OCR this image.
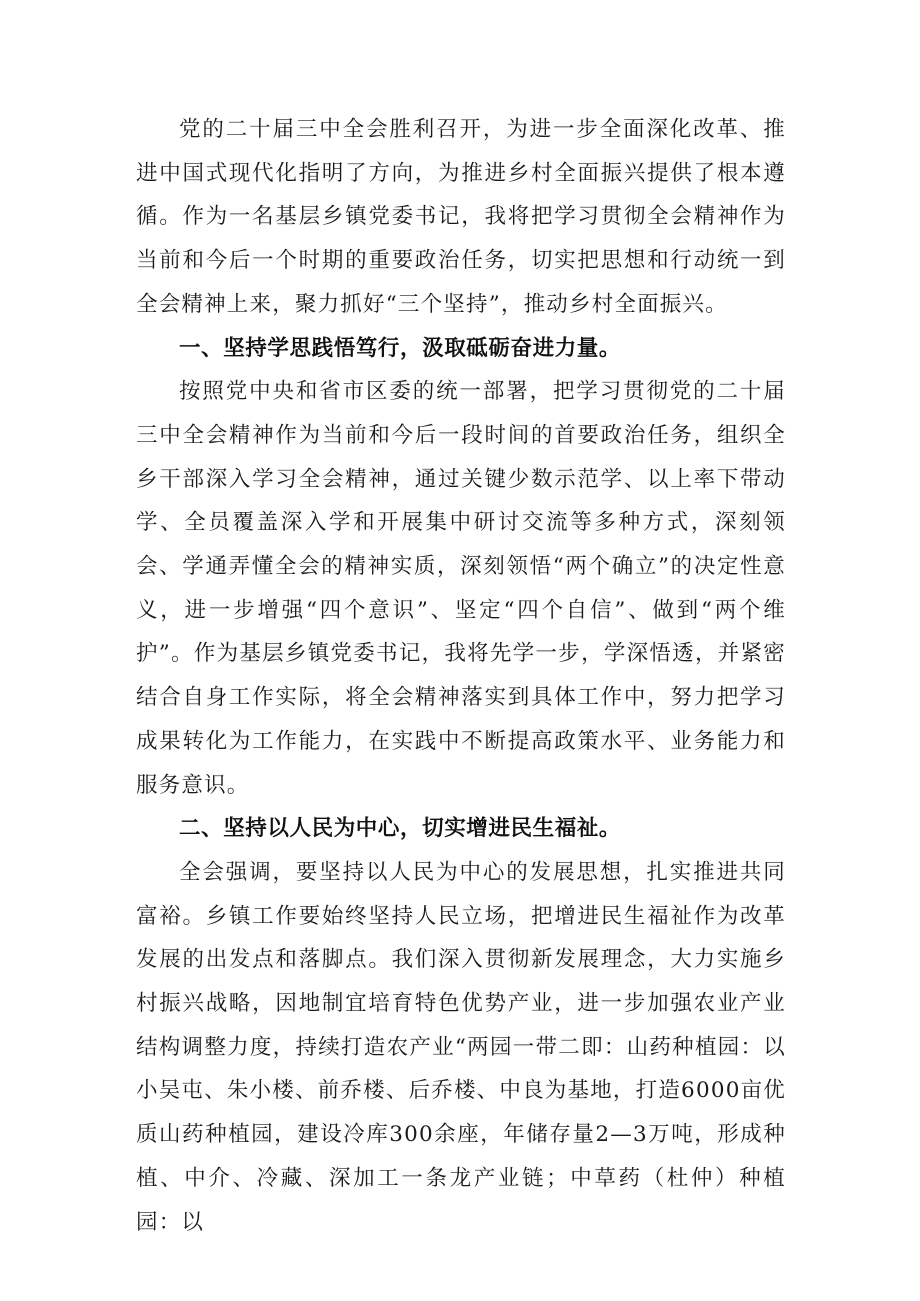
党的二十届三中全会胜利召开，为进一步全面深化改革、推进中国式现代化指明了方向，为推进乡村全面振兴提供了根本遵循。作为一名基层乡镇党委书记，我将把学习贯彻全会精神作为当前和今后一个时期的重要政治任务，切实把思想和行动统一到全会精神上来，聚力抓好“三个坚持”，推动乡村全面振兴。

一、坚持学思践悟笃行，汲取砥砺奋进力量。

按照党中央和省市区委的统一部署，把学习贯彻党的二十届三中全会精神作为当前和今后一段时间的首要政治任务，组织全乡干部深入学习全会精神，通过关键少数示范学、以上率下带动学、全员覆盖深入学和开展集中研讨交流等多种方式，深刻领会、学通弄懂全会的精神实质，深刻领悟“两个确立”的决定性意义，进一步增强“四个意识”、坚定“四个自信”、做到“两个维护”。作为基层乡镇党委书记，我将先学一步，学深悟透，并紧密结合自身工作实际，将全会精神落实到具体工作中，努力把学习成果转化为工作能力，在实践中不断提高政策水平、业务能力和服务意识。

二、坚持以人民为中心，切实增进民生福祉。

全会强调，要坚持以人民为中心的发展思想，扎实推进共同富裕。乡镇工作要始终坚持人民立场，把增进民生福祉作为改革发展的出发点和落脚点。我们深入贯彻新发展理念，大力实施乡村振兴战略，因地制宜培育特色优势产业，进一步加强农业产业结构调整力度，持续打造农产业“两园一带二即：山药种植园：以小吴屯、朱小楼、前乔楼、后乔楼、中良为基地，打造6000亩优质山药种植园，建设冷库300余座，年储存量2—3万吨，形成种植、中介、冷藏、深加工一条龙产业链；中草药（杜仲）种植园：以
